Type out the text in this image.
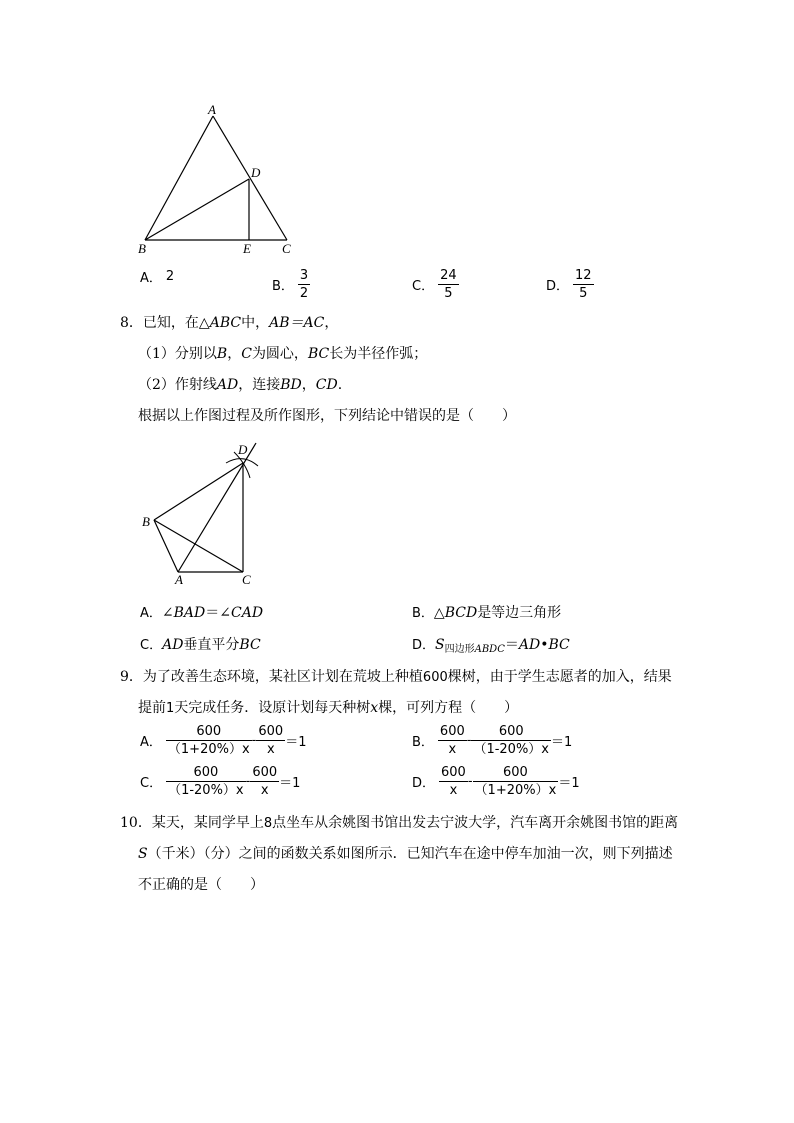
A
D
B	E C
A． 2
B． $\frac{3}{2}$	C． $\frac{24}{5}$	D． $\frac{12}{5}$
8．已知，在△ABC中，AB＝AC，
（1）分别以B，C为圆心，BC长为半径作弧；
（2）作射线AD，连接BD，CD.
根据以上作图过程及所作图形，下列结论中错误的是（　　）
D
B
A	C
A．∠BAD＝∠CAD	B．△BCD是等边三角形
C．AD垂直平分BC	D．$S_{四边形ABDC}=AD•BC$
9．为了改善生态环境，某社区计划在荒坡上种植600棵树，由于学生志愿者的加入，结果
提前1天完成任务．设原计划每天种树x棵，可列方程（　　）
A． $\frac{600}{(1+20\%)x} - \frac{600}{x} =1$	B． $\frac{600}{x} - \frac{600}{(1-20\%)x} =1$
C． $\frac{600}{(1-20\%)x} - \frac{600}{x} =1$	D． $\frac{600}{x} - \frac{600}{(1+20\%)x} =1$
10．某天，某同学早上8点坐车从余姚图书馆出发去宁波大学，汽车离开余姚图书馆的距离
S（千米）（分）之间的函数关系如图所示．已知汽车在途中停车加油一次，则下列描述
不正确的是（　　）
